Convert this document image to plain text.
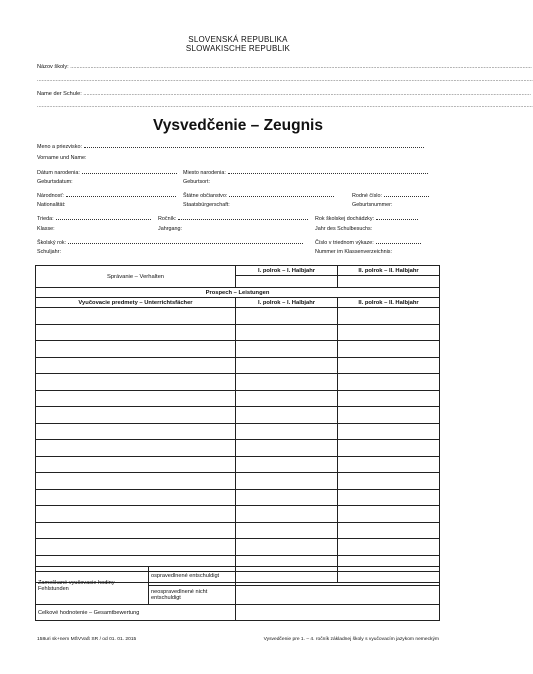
SLOVENSKÁ REPUBLIKA
SLOWAKISCHE REPUBLIK
Názov školy: .........................................................................................................................................................................................................................................................................................................
...............................................................................................................................................................................................................................................................................................................................
Name der Schule: ................................................................................................................................................................................................................................................................................................
...............................................................................................................................................................................................................................................................................................................................
Vysvedčenie – Zeugnis
Meno a priezvisko:
Vorname und Name:
Dátum narodenia:	Miesto narodenia:
Geburtsdatum:	Geburtsort:
Národnosť:	Štátne občianstvo:	Rodné číslo:
Nationalität:	Staatsbürgerschaft:	Geburtsnummer:
Trieda:	Ročník:	Rok školskej dochádzky:
Klasse:	Jahrgang:	Jahr des Schulbesuchs:
Školský rok:	Číslo v triednom výkaze:
Schuljahr:	Nummer im Klassenverzeichnis:
Správanie – Verhalten	I. polrok – I. Halbjahr	II. polrok – II. Halbjahr

Prospech – Leistungen		
Vyučovacie predmety – Unterrichtsfächer	I. polrok – I. Halbjahr	II. polrok – II. Halbjahr

Zameškané vyučovacie hodiny Fehlstunden	ospravedlnené entschuldigt	
	neospravedlnené nicht entschuldigt	
Celkové hodnotenie – Gesamtbewertung		
158uri sk+nem MŠVVaŠ SR / od 01. 01. 2015	Vysvedčenie pre 1. – 4. ročník základnej školy s vyučovacím jazykom nemeckým
